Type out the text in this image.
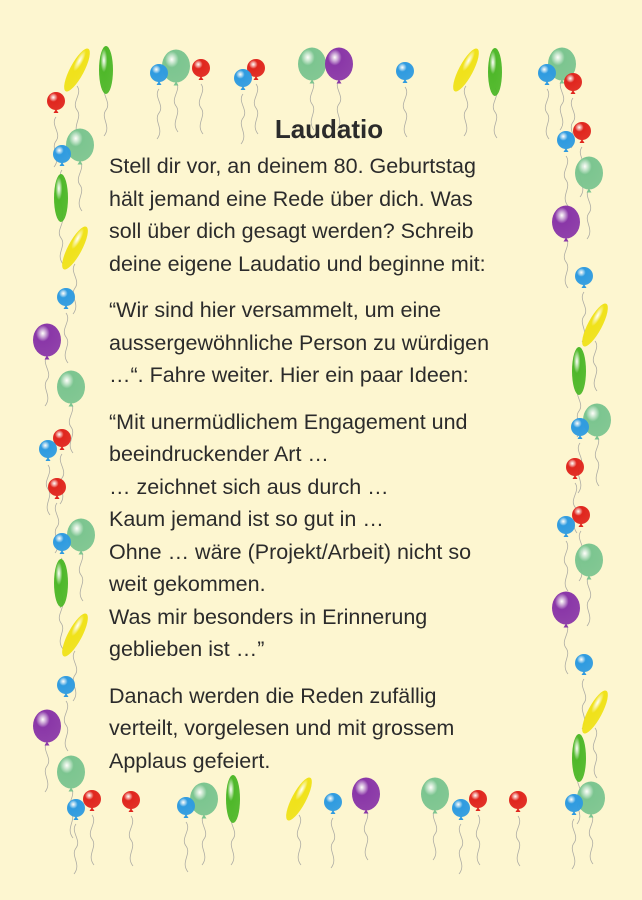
Laudatio

Stell dir vor, an deinem 80. Geburtstag
hält jemand eine Rede über dich. Was
soll über dich gesagt werden? Schreib
deine eigene Laudatio und beginne mit:

“Wir sind hier versammelt, um eine
aussergewöhnliche Person zu würdigen
…“. Fahre weiter. Hier ein paar Ideen:

“Mit unermüdlichem Engagement und
beeindruckender Art …
… zeichnet sich aus durch …
Kaum jemand ist so gut in …
Ohne … wäre (Projekt/Arbeit) nicht so
weit gekommen.
Was mir besonders in Erinnerung
geblieben ist …”

Danach werden die Reden zufällig
verteilt, vorgelesen und mit grossem
Applaus gefeiert.
